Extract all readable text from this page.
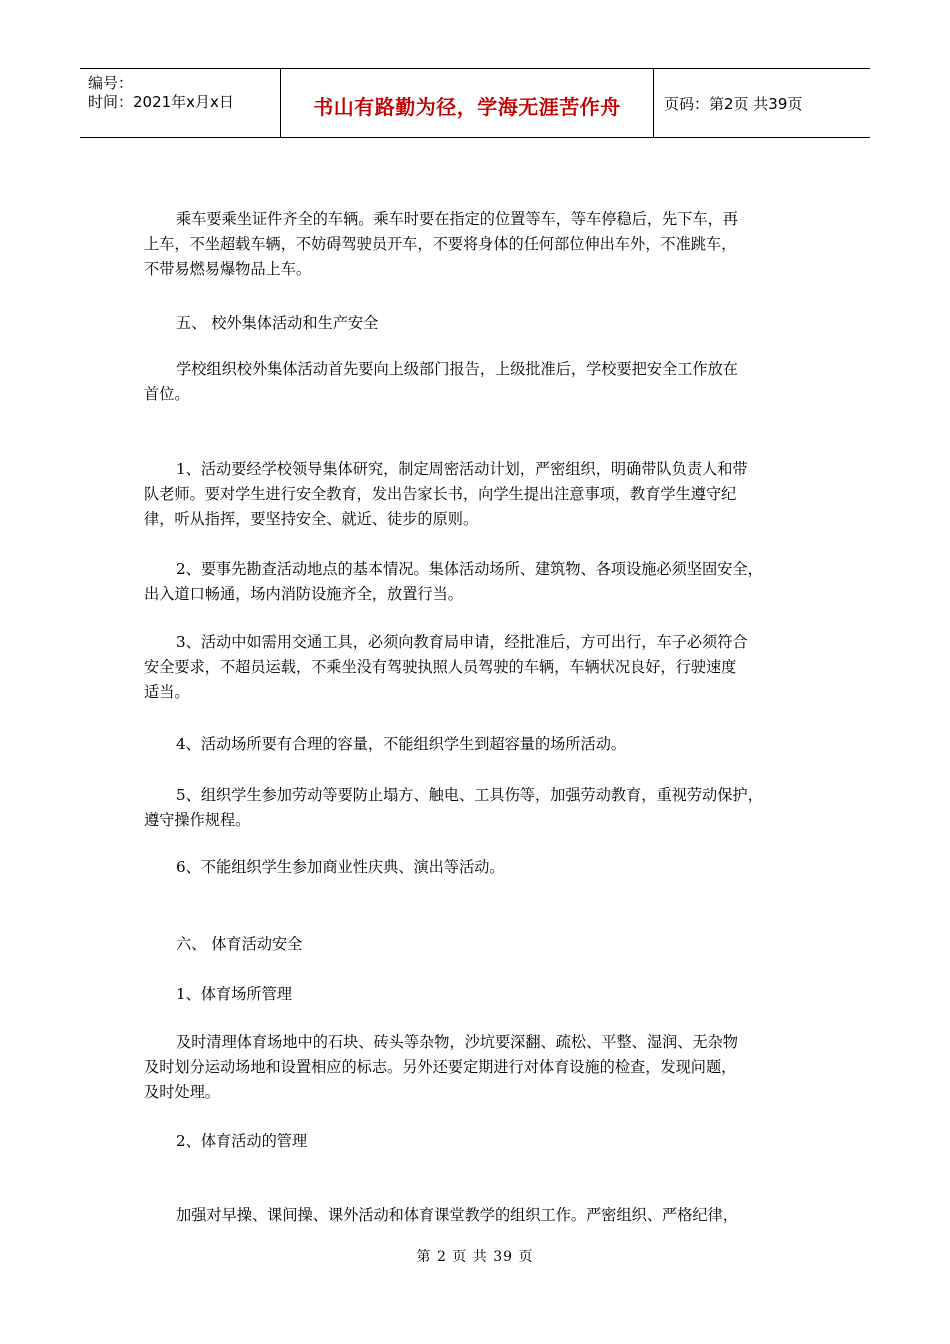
编号：
时间：2021年x月x日	书山有路勤为径，学海无涯苦作舟	页码：第2页 共39页

乘车要乘坐证件齐全的车辆。乘车时要在指定的位置等车，等车停稳后，先下车，再
上车，不坐超载车辆，不妨碍驾驶员开车，不要将身体的任何部位伸出车外，不准跳车，
不带易燃易爆物品上车。

五、 校外集体活动和生产安全

学校组织校外集体活动首先要向上级部门报告，上级批准后，学校要把安全工作放在
首位。

1、活动要经学校领导集体研究，制定周密活动计划，严密组织，明确带队负责人和带
队老师。要对学生进行安全教育，发出告家长书，向学生提出注意事项，教育学生遵守纪
律，听从指挥，要坚持安全、就近、徒步的原则。

2、要事先勘查活动地点的基本情况。集体活动场所、建筑物、各项设施必须坚固安全，
出入道口畅通，场内消防设施齐全，放置行当。

3、活动中如需用交通工具，必须向教育局申请，经批准后，方可出行，车子必须符合
安全要求，不超员运载，不乘坐没有驾驶执照人员驾驶的车辆，车辆状况良好，行驶速度
适当。

4、活动场所要有合理的容量，不能组织学生到超容量的场所活动。

5、组织学生参加劳动等要防止塌方、触电、工具伤等，加强劳动教育，重视劳动保护，
遵守操作规程。

6、不能组织学生参加商业性庆典、演出等活动。

六、 体育活动安全

1、体育场所管理

及时清理体育场地中的石块、砖头等杂物，沙坑要深翻、疏松、平整、湿润、无杂物
及时划分运动场地和设置相应的标志。另外还要定期进行对体育设施的检查，发现问题，
及时处理。

2、体育活动的管理

加强对早操、课间操、课外活动和体育课堂教学的组织工作。严密组织、严格纪律，

第 2 页 共 39 页
